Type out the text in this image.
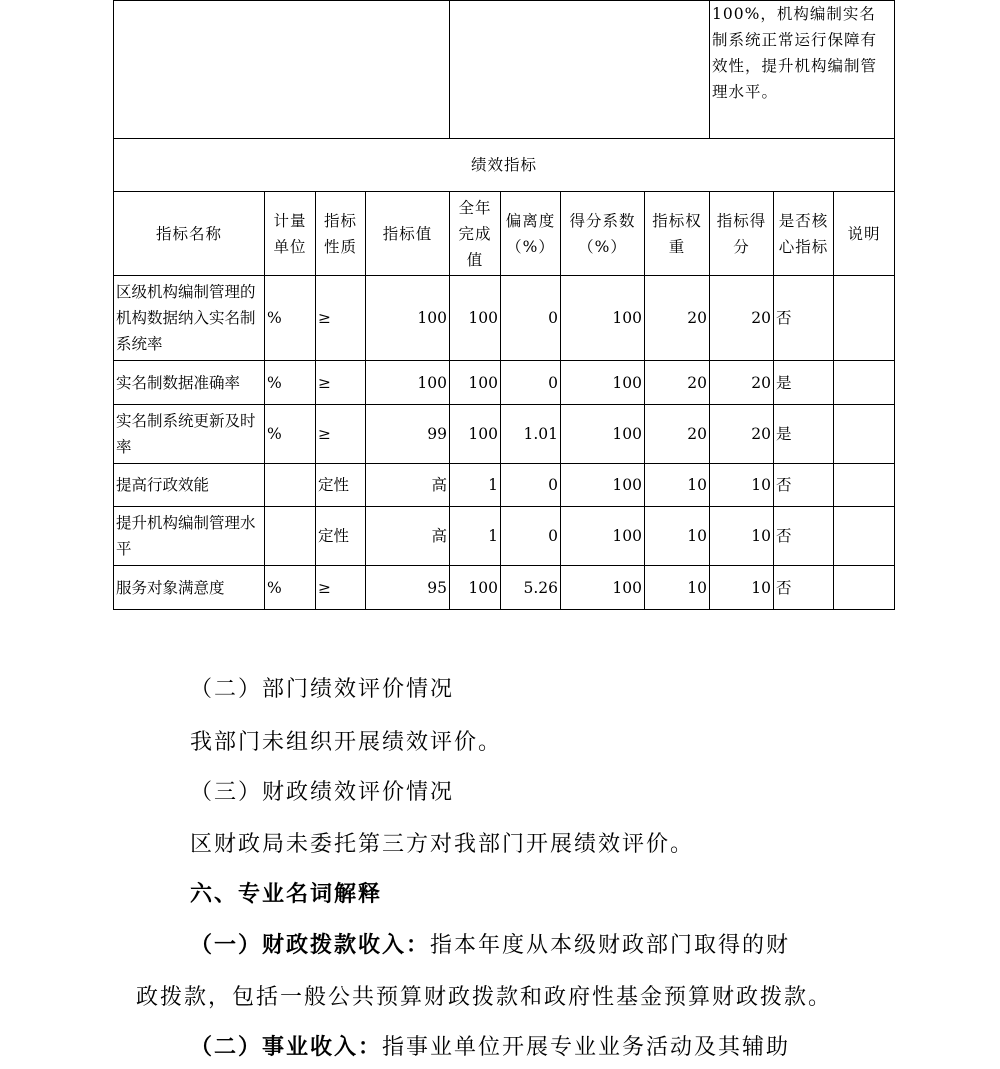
								100%，机构编制实名制系统正常运行保障有效性，提升机构编制管理水平。		
绩效指标										
指标名称	计量单位	指标性质	指标值	全年完成值	偏离度（%）	得分系数（%）	指标权重	指标得分	是否核心指标	说明
区级机构编制管理的机构数据纳入实名制系统率	%	≥	100	100	0	100	20	20	否	
实名制数据准确率	%	≥	100	100	0	100	20	20	是	
实名制系统更新及时率	%	≥	99	100	1.01	100	20	20	是	
提高行政效能		定性	高	1	0	100	10	10	否	
提升机构编制管理水平		定性	高	1	0	100	10	10	否	
服务对象满意度	%	≥	95	100	5.26	100	10	10	否	
（二）部门绩效评价情况
我部门未组织开展绩效评价。
（三）财政绩效评价情况
区财政局未委托第三方对我部门开展绩效评价。
六、专业名词解释
（一）财政拨款收入：指本年度从本级财政部门取得的财
政拨款，包括一般公共预算财政拨款和政府性基金预算财政拨款。
（二）事业收入：指事业单位开展专业业务活动及其辅助
